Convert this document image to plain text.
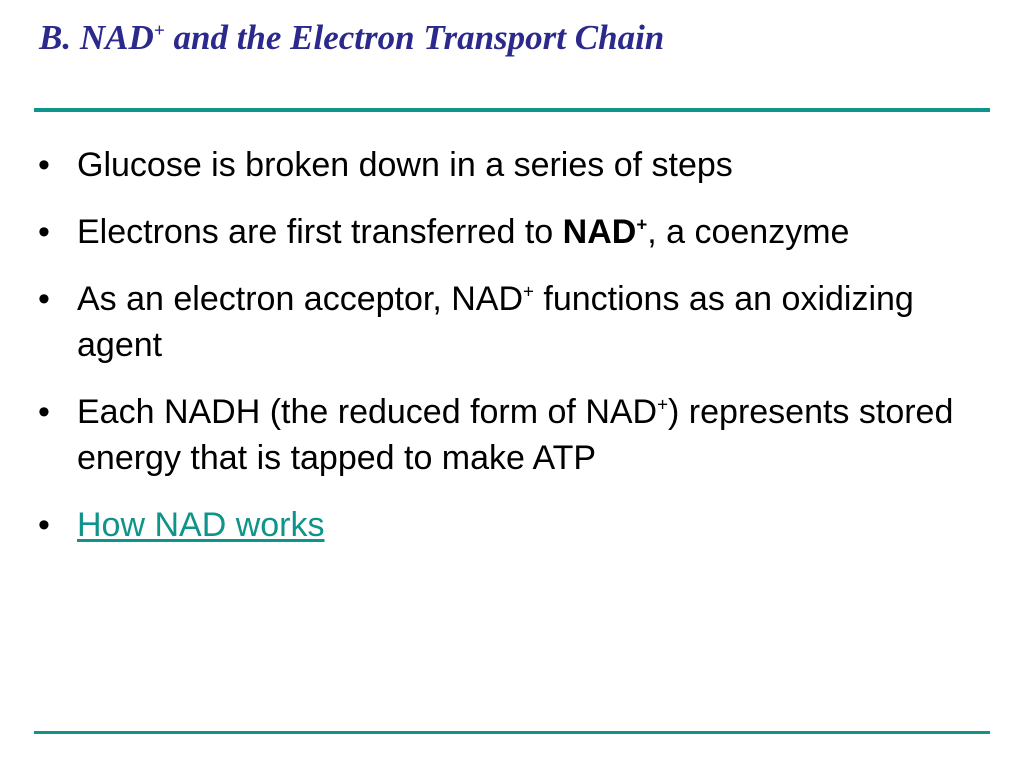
B. NAD+ and the Electron Transport Chain
• Glucose is broken down in a series of steps
• Electrons are first transferred to NAD+, a coenzyme
• As an electron acceptor, NAD+ functions as an oxidizing agent
• Each NADH (the reduced form of NAD+) represents stored energy that is tapped to make ATP
• How NAD works
